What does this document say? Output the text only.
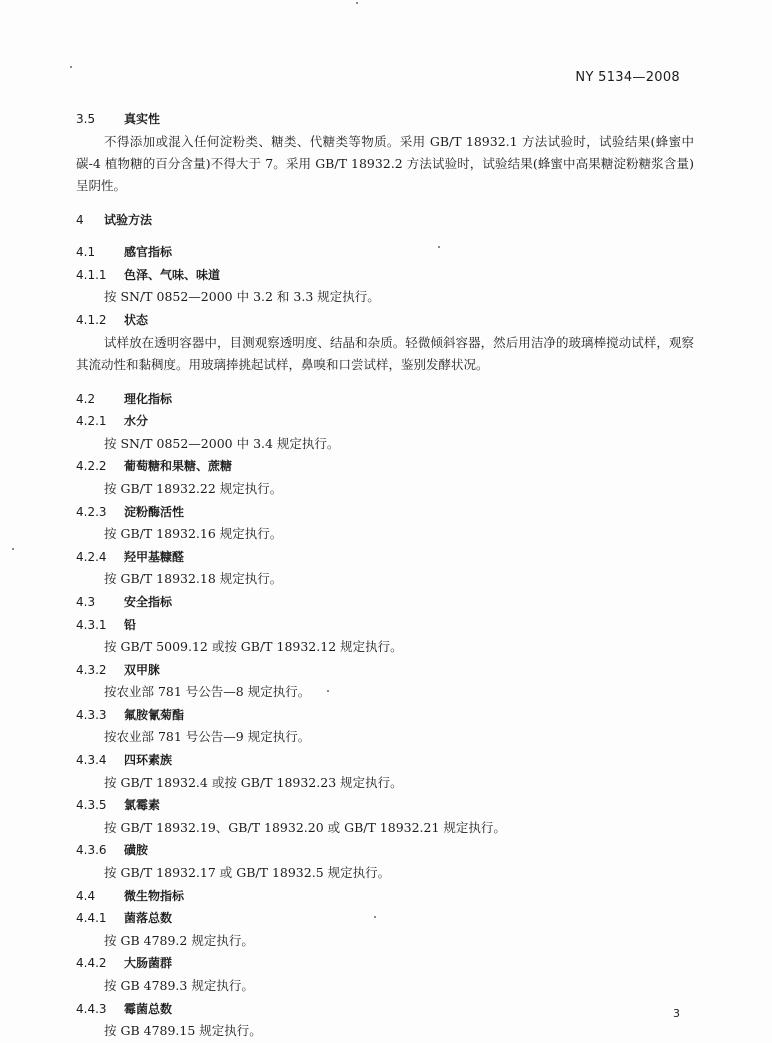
NY 5134—2008
3.5 真实性
不得添加或混入任何淀粉类、糖类、代糖类等物质。采用 GB/T 18932.1 方法试验时，试验结果(蜂蜜中碳-4 植物糖的百分含量)不得大于 7。采用 GB/T 18932.2 方法试验时，试验结果(蜂蜜中高果糖淀粉糖浆含量)呈阴性。
4 试验方法
4.1 感官指标
4.1.1 色泽、气味、味道
按 SN/T 0852—2000 中 3.2 和 3.3 规定执行。
4.1.2 状态
试样放在透明容器中，目测观察透明度、结晶和杂质。轻微倾斜容器，然后用洁净的玻璃棒搅动试样，观察其流动性和黏稠度。用玻璃捧挑起试样，鼻嗅和口尝试样，鉴别发酵状况。
4.2 理化指标
4.2.1 水分
按 SN/T 0852—2000 中 3.4 规定执行。
4.2.2 葡萄糖和果糖、蔗糖
按 GB/T 18932.22 规定执行。
4.2.3 淀粉酶活性
按 GB/T 18932.16 规定执行。
4.2.4 羟甲基糠醛
按 GB/T 18932.18 规定执行。
4.3 安全指标
4.3.1 铅
按 GB/T 5009.12 或按 GB/T 18932.12 规定执行。
4.3.2 双甲脒
按农业部 781 号公告—8 规定执行。
4.3.3 氟胺氰菊酯
按农业部 781 号公告—9 规定执行。
4.3.4 四环素族
按 GB/T 18932.4 或按 GB/T 18932.23 规定执行。
4.3.5 氯霉素
按 GB/T 18932.19、GB/T 18932.20 或 GB/T 18932.21 规定执行。
4.3.6 磺胺
按 GB/T 18932.17 或 GB/T 18932.5 规定执行。
4.4 微生物指标
4.4.1 菌落总数
按 GB 4789.2 规定执行。
4.4.2 大肠菌群
按 GB 4789.3 规定执行。
4.4.3 霉菌总数
按 GB 4789.15 规定执行。
3
